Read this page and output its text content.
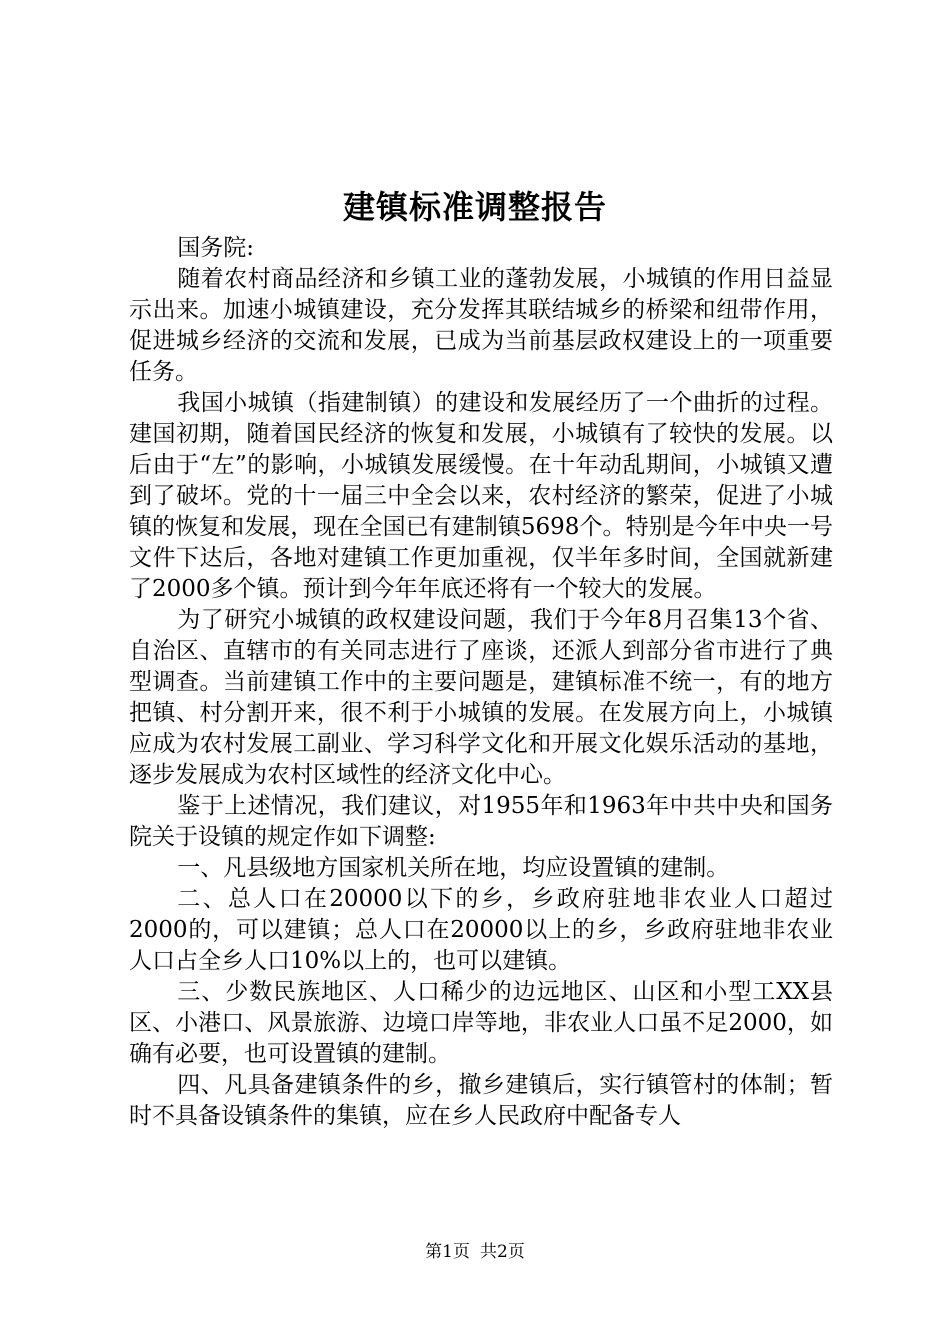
建镇标准调整报告

国务院:

随着农村商品经济和乡镇工业的蓬勃发展，小城镇的作用日益显示出来。加速小城镇建设，充分发挥其联结城乡的桥梁和纽带作用，促进城乡经济的交流和发展，已成为当前基层政权建设上的一项重要任务。

我国小城镇（指建制镇）的建设和发展经历了一个曲折的过程。建国初期，随着国民经济的恢复和发展，小城镇有了较快的发展。以后由于“左”的影响，小城镇发展缓慢。在十年动乱期间，小城镇又遭到了破坏。党的十一届三中全会以来，农村经济的繁荣，促进了小城镇的恢复和发展，现在全国已有建制镇5698个。特别是今年中央一号文件下达后，各地对建镇工作更加重视，仅半年多时间，全国就新建了2000多个镇。预计到今年年底还将有一个较大的发展。

为了研究小城镇的政权建设问题，我们于今年8月召集13个省、自治区、直辖市的有关同志进行了座谈，还派人到部分省市进行了典型调查。当前建镇工作中的主要问题是，建镇标准不统一，有的地方把镇、村分割开来，很不利于小城镇的发展。在发展方向上，小城镇应成为农村发展工副业、学习科学文化和开展文化娱乐活动的基地，逐步发展成为农村区域性的经济文化中心。

鉴于上述情况，我们建议，对1955年和1963年中共中央和国务院关于设镇的规定作如下调整:

一、凡县级地方国家机关所在地，均应设置镇的建制。

二、总人口在20000以下的乡，乡政府驻地非农业人口超过2000的，可以建镇；总人口在20000以上的乡，乡政府驻地非农业人口占全乡人口10%以上的，也可以建镇。

三、少数民族地区、人口稀少的边远地区、山区和小型工XX县区、小港口、风景旅游、边境口岸等地，非农业人口虽不足2000，如确有必要，也可设置镇的建制。

四、凡具备建镇条件的乡，撤乡建镇后，实行镇管村的体制；暂时不具备设镇条件的集镇，应在乡人民政府中配备专人

第1页 共2页
